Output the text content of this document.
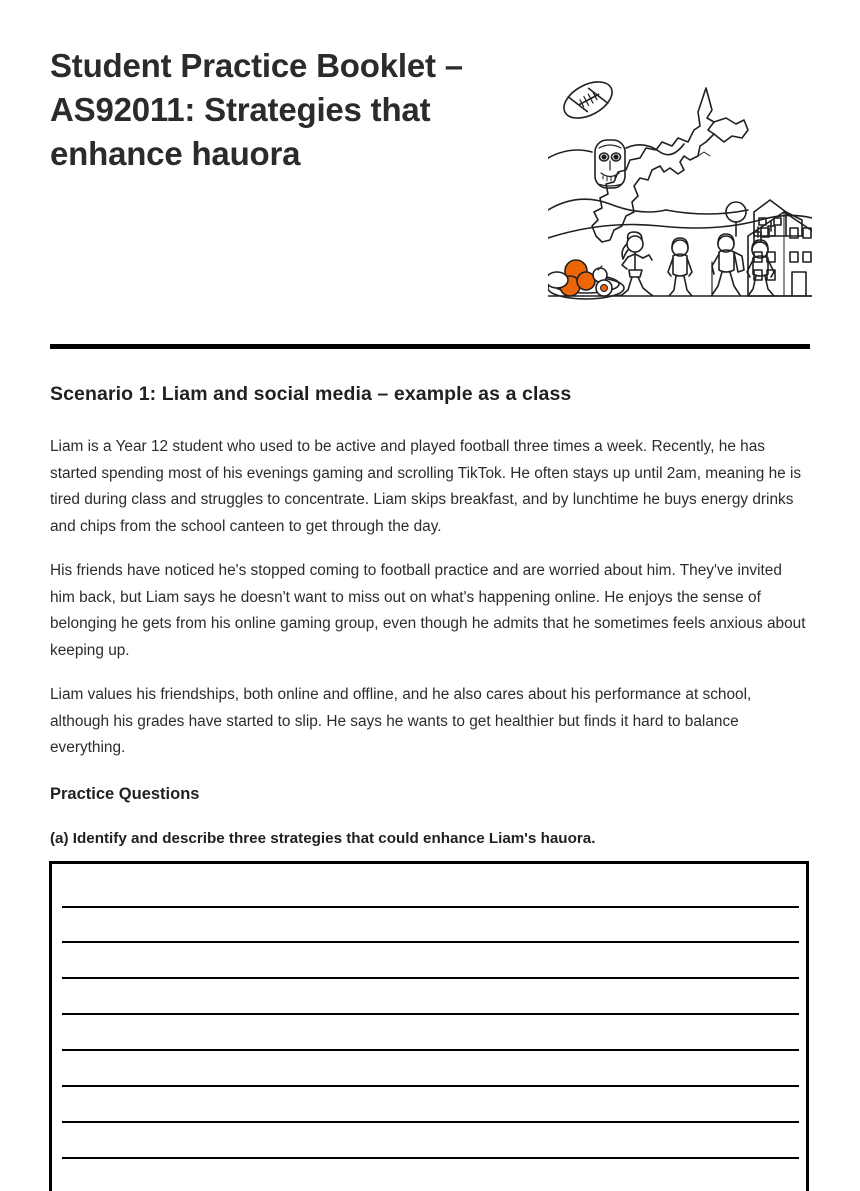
Student Practice Booklet – AS92011: Strategies that enhance hauora
Scenario 1: Liam and social media – example as a class

Liam is a Year 12 student who used to be active and played football three times a week. Recently, he has started spending most of his evenings gaming and scrolling TikTok. He often stays up until 2am, meaning he is tired during class and struggles to concentrate. Liam skips breakfast, and by lunchtime he buys energy drinks and chips from the school canteen to get through the day.

His friends have noticed he's stopped coming to football practice and are worried about him. They've invited him back, but Liam says he doesn't want to miss out on what's happening online. He enjoys the sense of belonging he gets from his online gaming group, even though he admits that he sometimes feels anxious about keeping up.

Liam values his friendships, both online and offline, and he also cares about his performance at school, although his grades have started to slip. He says he wants to get healthier but finds it hard to balance everything.

Practice Questions

(a) Identify and describe three strategies that could enhance Liam's hauora.
